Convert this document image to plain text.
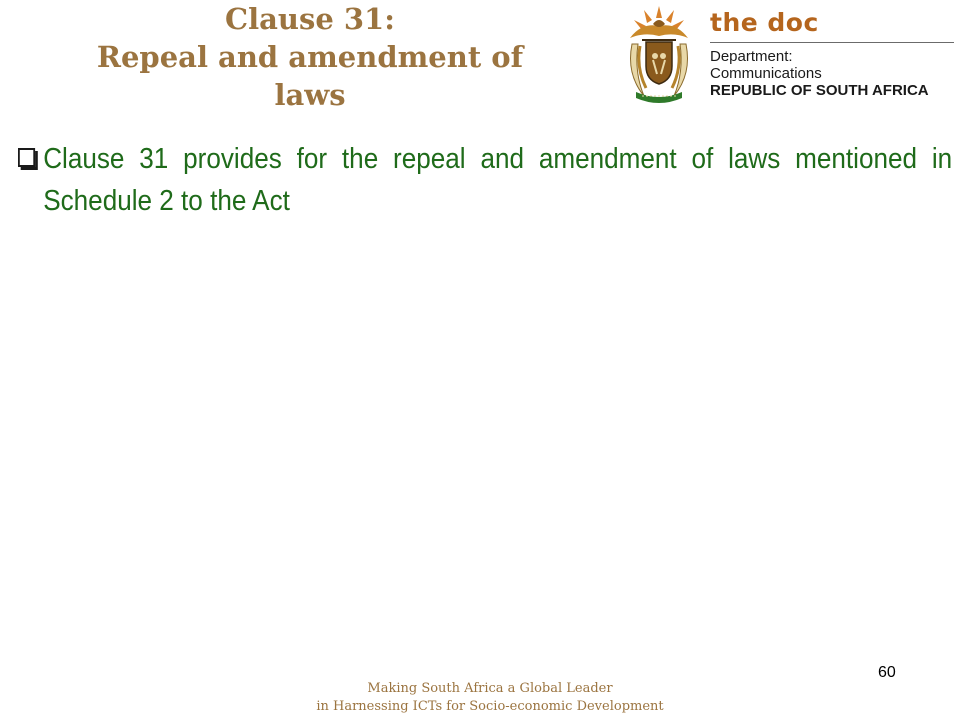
Clause 31:
Repeal and amendment of
laws
the doc
Department:
Communications
REPUBLIC OF SOUTH AFRICA
Clause 31 provides for the repeal and amendment of laws mentioned in Schedule 2 to the Act
Making South Africa a Global Leader
in Harnessing ICTs for Socio-economic Development
60
